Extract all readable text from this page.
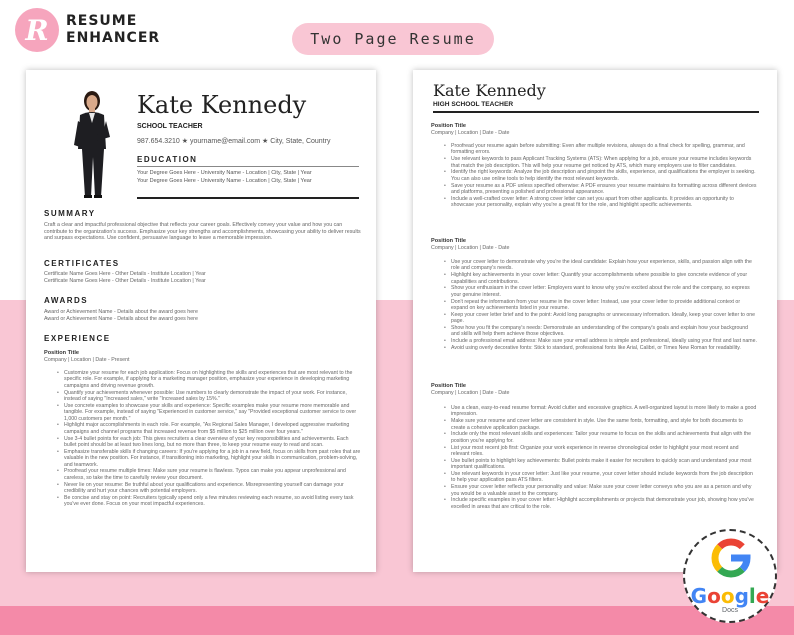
R RESUME
ENHANCER	Two Page Resume
Kate Kennedy
SCHOOL TEACHER
987.654.3210 ★ yourname@email.com ★ City, State, Country
EDUCATION
Your Degree Goes Here - University Name - Location | City, State | Year
Your Degree Goes Here - University Name - Location | City, State | Year
SUMMARY
Craft a clear and impactful professional objective that reflects your career goals. Effectively convey your value and how you can contribute to the organization's success. Emphasize your key strengths and accomplishments, showcasing your ability to deliver results and surpass expectations. Use confident, persuasive language to leave a memorable impression.
CERTIFICATES
Certificate Name Goes Here - Other Details - Institute Location | Year
Certificate Name Goes Here - Other Details - Institute Location | Year
AWARDS
Award or Achievement Name - Details about the award goes here
Award or Achievement Name - Details about the award goes here
EXPERIENCE
Position Title
Company | Location | Date - Present
• Customize your resume for each job application: Focus on highlighting the skills and experiences that are most relevant to the specific role. For example, if applying for a marketing manager position, emphasize your experience in developing marketing campaigns and driving revenue growth.
• Quantify your achievements whenever possible: Use numbers to clearly demonstrate the impact of your work. For instance, instead of saying "Increased sales," write "Increased sales by 15%."
• Use concrete examples to showcase your skills and experience: Specific examples make your resume more memorable and tangible. For example, instead of saying "Experienced in customer service," say "Provided exceptional customer service to over 1,000 customers per month."
• Highlight major accomplishments in each role. For example, "As Regional Sales Manager, I developed aggressive marketing campaigns and channel programs that increased revenue from $5 million to $25 million over four years."
• Use 3-4 bullet points for each job: This gives recruiters a clear overview of your key responsibilities and achievements. Each bullet point should be at least two lines long, but no more than three, to keep your resume easy to read and scan.
• Emphasize transferable skills if changing careers: If you're applying for a job in a new field, focus on skills from past roles that are valuable in the new position. For instance, if transitioning into marketing, highlight your skills in communication, problem-solving, and teamwork.
• Proofread your resume multiple times: Make sure your resume is flawless. Typos can make you appear unprofessional and careless, so take the time to carefully review your document.
• Never lie on your resume: Be truthful about your qualifications and experience. Misrepresenting yourself can damage your credibility and hurt your chances with potential employers.
• Be concise and stay on point: Recruiters typically spend only a few minutes reviewing each resume, so avoid listing every task you've ever done. Focus on your most impactful experiences.
Kate Kennedy
HIGH SCHOOL TEACHER
Position Title
Company | Location | Date - Date
• Proofread your resume again before submitting: Even after multiple revisions, always do a final check for spelling, grammar, and formatting errors.
• Use relevant keywords to pass Applicant Tracking Systems (ATS): When applying for a job, ensure your resume includes keywords that match the job description. This will help your resume get noticed by ATS, which many employers use to filter candidates.
• Identify the right keywords: Analyze the job description and pinpoint the skills, experience, and qualifications the employer is seeking. You can also use online tools to help identify the most relevant keywords.
• Save your resume as a PDF unless specified otherwise: A PDF ensures your resume maintains its formatting across different devices and platforms, presenting a polished and professional appearance.
• Include a well-crafted cover letter: A strong cover letter can set you apart from other applicants. It provides an opportunity to showcase your personality, explain why you're a great fit for the role, and highlight specific achievements.
Position Title
Company | Location | Date - Date
• Use your cover letter to demonstrate why you're the ideal candidate: Explain how your experience, skills, and passion align with the role and company's needs.
• Highlight key achievements in your cover letter: Quantify your accomplishments where possible to give concrete evidence of your capabilities and contributions.
• Show your enthusiasm in the cover letter: Employers want to know why you're excited about the role and the company, so express your genuine interest.
• Don't repeat the information from your resume in the cover letter: Instead, use your cover letter to provide additional context or expand on key achievements listed in your resume.
• Keep your cover letter brief and to the point: Avoid long paragraphs or unnecessary information. Ideally, keep your cover letter to one page.
• Show how you fit the company's needs: Demonstrate an understanding of the company's goals and explain how your background and skills will help them achieve those objectives.
• Include a professional email address: Make sure your email address is simple and professional, ideally using your first and last name.
• Avoid using overly decorative fonts: Stick to standard, professional fonts like Arial, Calibri, or Times New Roman for readability.
Position Title
Company | Location | Date - Date
• Use a clean, easy-to-read resume format: Avoid clutter and excessive graphics. A well-organized layout is more likely to make a good impression.
• Make sure your resume and cover letter are consistent in style. Use the same fonts, formatting, and style for both documents to create a cohesive application package.
• Include only the most relevant skills and experiences: Tailor your resume to focus on the skills and achievements that align with the position you're applying for.
• List your most recent job first: Organize your work experience in reverse chronological order to highlight your most recent and relevant roles.
• Use bullet points to highlight key achievements: Bullet points make it easier for recruiters to quickly scan and understand your most important qualifications.
• Use relevant keywords in your cover letter: Just like your resume, your cover letter should include keywords from the job description to help your application pass ATS filters.
• Ensure your cover letter reflects your personality and value: Make sure your cover letter conveys who you are as a person and why you would be a valuable asset to the company.
• Include specific examples in your cover letter: Highlight accomplishments or projects that demonstrate your job, showing how you've excelled in areas that are critical to the role.
Google
Docs
